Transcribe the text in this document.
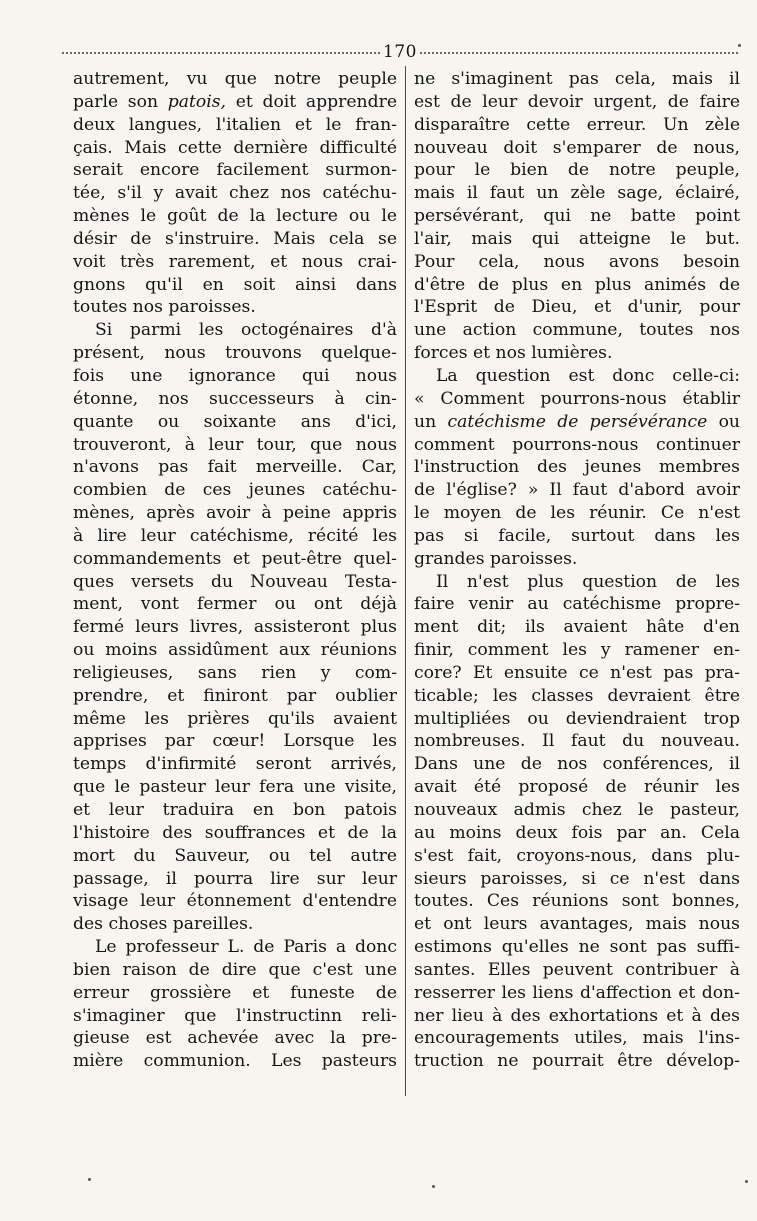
170
autrement, vu que notre peuple
parle son patois, et doit apprendre
deux langues, l'italien et le fran-
çais. Mais cette dernière difficulté
serait encore facilement surmon-
tée, s'il y avait chez nos catéchu-
mènes le goût de la lecture ou le
désir de s'instruire. Mais cela se
voit très rarement, et nous crai-
gnons qu'il en soit ainsi dans
toutes nos paroisses.
Si parmi les octogénaires d'à
présent, nous trouvons quelque-
fois une ignorance qui nous
étonne, nos successeurs à cin-
quante ou soixante ans d'ici,
trouveront, à leur tour, que nous
n'avons pas fait merveille. Car,
combien de ces jeunes catéchu-
mènes, après avoir à peine appris
à lire leur catéchisme, récité les
commandements et peut-être quel-
ques versets du Nouveau Testa-
ment, vont fermer ou ont déjà
fermé leurs livres, assisteront plus
ou moins assidûment aux réunions
religieuses, sans rien y com-
prendre, et finiront par oublier
même les prières qu'ils avaient
apprises par cœur! Lorsque les
temps d'infirmité seront arrivés,
que le pasteur leur fera une visite,
et leur traduira en bon patois
l'histoire des souffrances et de la
mort du Sauveur, ou tel autre
passage, il pourra lire sur leur
visage leur étonnement d'entendre
des choses pareilles.
Le professeur L. de Paris a donc
bien raison de dire que c'est une
erreur grossière et funeste de
s'imaginer que l'instructinn reli-
gieuse est achevée avec la pre-
mière communion. Les pasteurs
ne s'imaginent pas cela, mais il
est de leur devoir urgent, de faire
disparaître cette erreur. Un zèle
nouveau doit s'emparer de nous,
pour le bien de notre peuple,
mais il faut un zèle sage, éclairé,
persévérant, qui ne batte point
l'air, mais qui atteigne le but.
Pour cela, nous avons besoin
d'être de plus en plus animés de
l'Esprit de Dieu, et d'unir, pour
une action commune, toutes nos
forces et nos lumières.
La question est donc celle-ci:
« Comment pourrons-nous établir
un catéchisme de persévérance ou
comment pourrons-nous continuer
l'instruction des jeunes membres
de l'église? » Il faut d'abord avoir
le moyen de les réunir. Ce n'est
pas si facile, surtout dans les
grandes paroisses.
Il n'est plus question de les
faire venir au catéchisme propre-
ment dit; ils avaient hâte d'en
finir, comment les y ramener en-
core? Et ensuite ce n'est pas pra-
ticable; les classes devraient être
multipliées ou deviendraient trop
nombreuses. Il faut du nouveau.
Dans une de nos conférences, il
avait été proposé de réunir les
nouveaux admis chez le pasteur,
au moins deux fois par an. Cela
s'est fait, croyons-nous, dans plu-
sieurs paroisses, si ce n'est dans
toutes. Ces réunions sont bonnes,
et ont leurs avantages, mais nous
estimons qu'elles ne sont pas suffi-
santes. Elles peuvent contribuer à
resserrer les liens d'affection et don-
ner lieu à des exhortations et à des
encouragements utiles, mais l'ins-
truction ne pourrait être dévelop-
